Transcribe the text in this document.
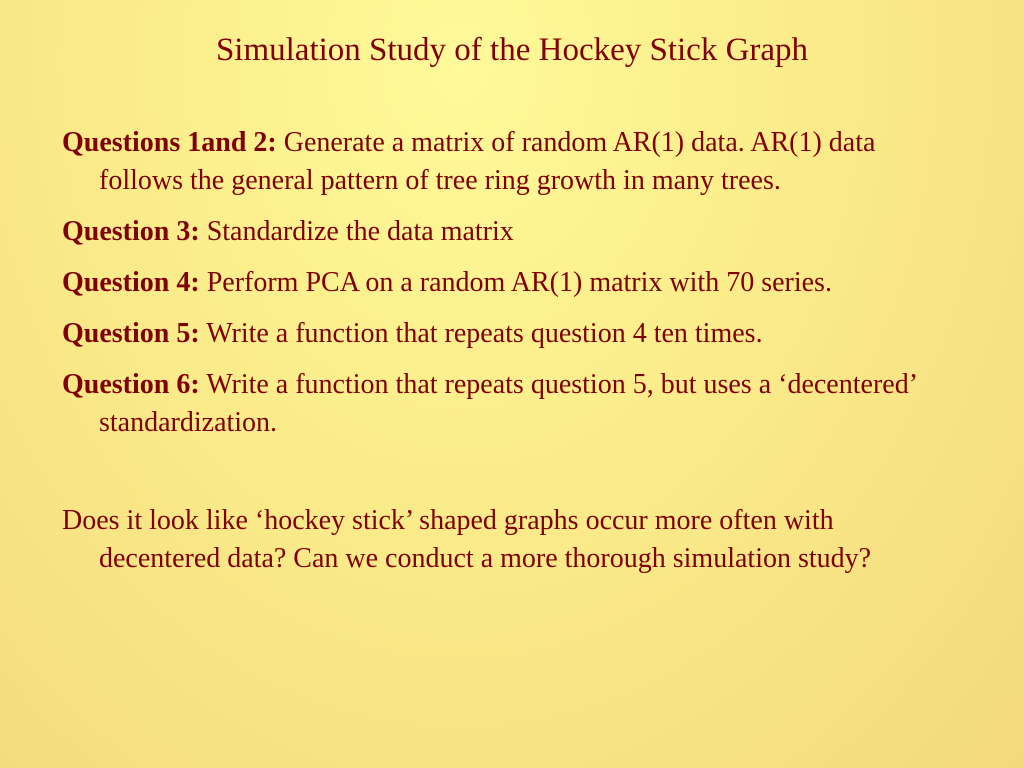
Simulation Study of the Hockey Stick Graph

Questions 1and 2: Generate a matrix of random AR(1) data. AR(1) data follows the general pattern of tree ring growth in many trees.

Question 3: Standardize the data matrix

Question 4: Perform PCA on a random AR(1) matrix with 70 series.

Question 5: Write a function that repeats question 4 ten times.

Question 6: Write a function that repeats question 5, but uses a ‘decentered’ standardization.

Does it look like ‘hockey stick’ shaped graphs occur more often with decentered data? Can we conduct a more thorough simulation study?
